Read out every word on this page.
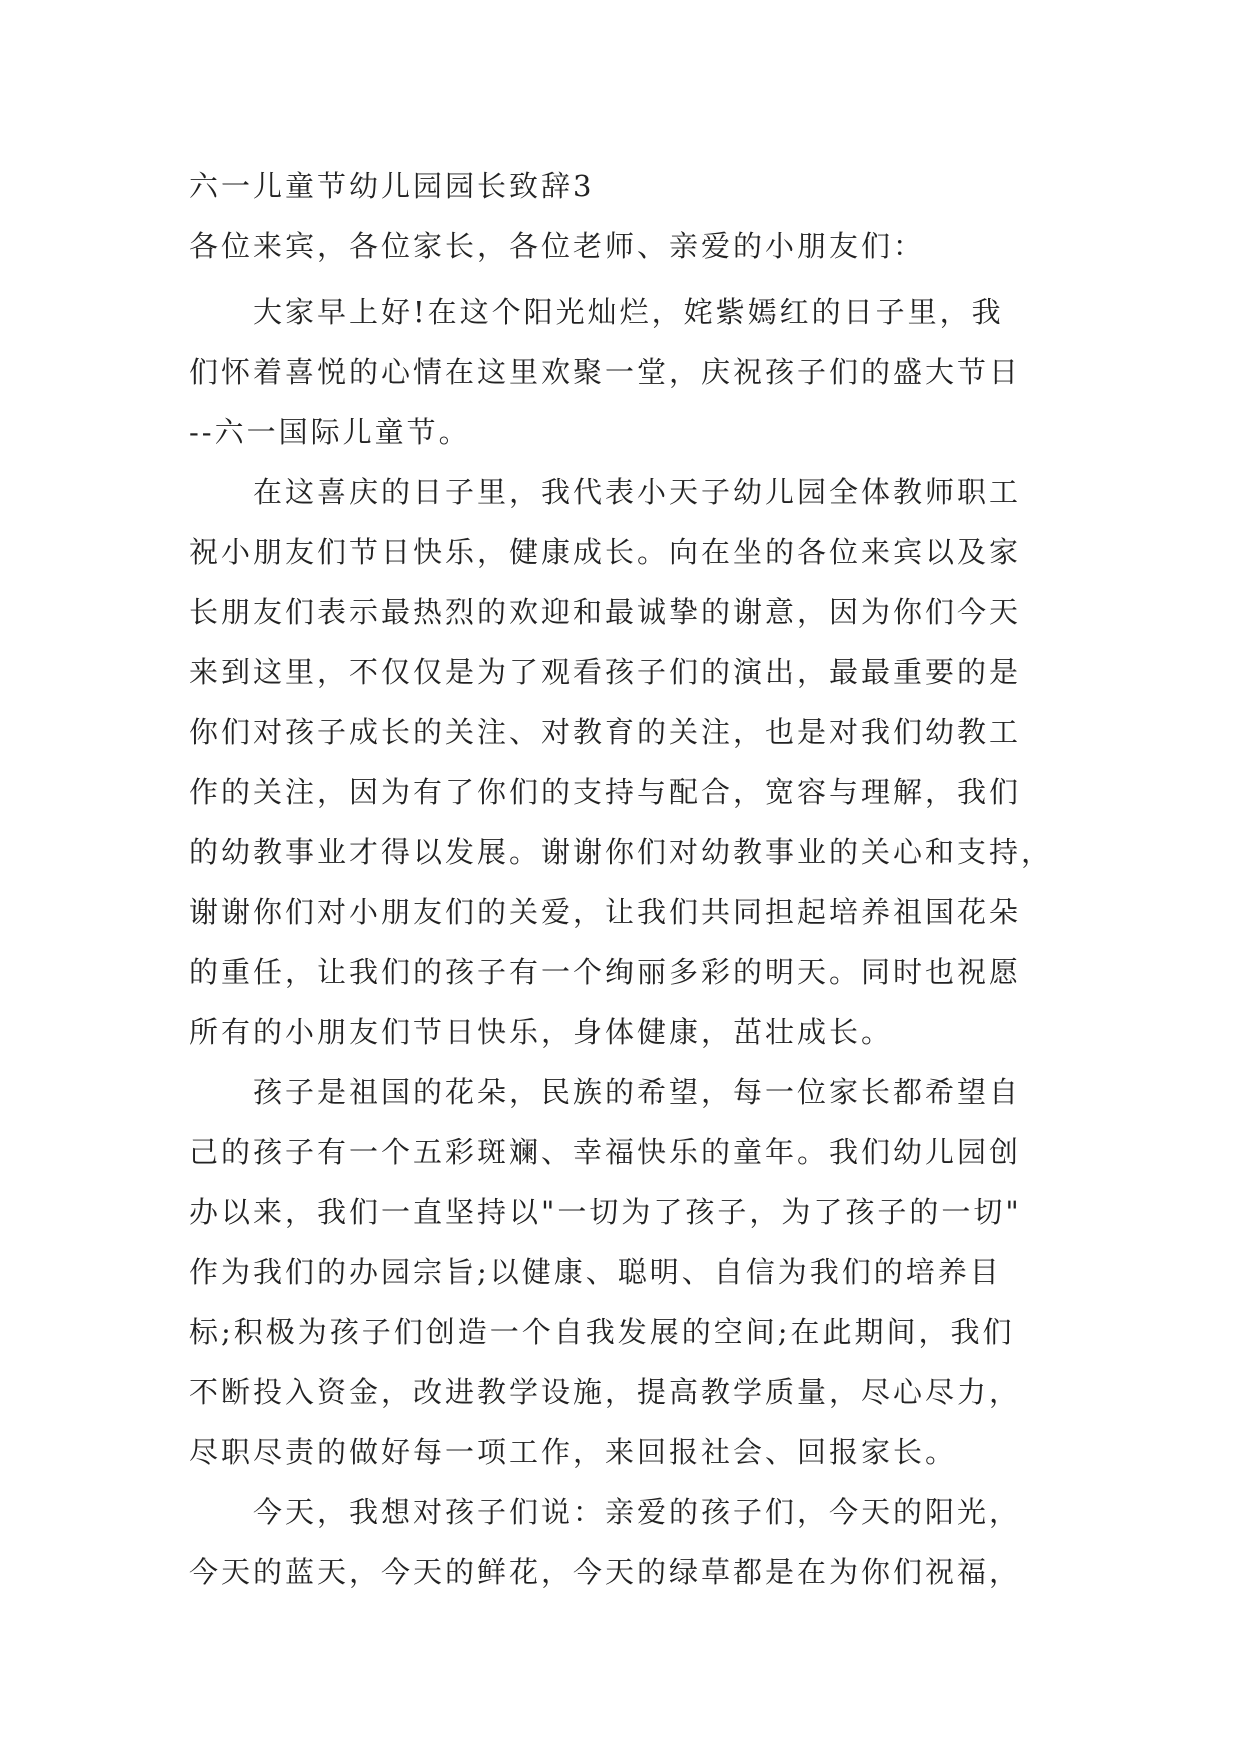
六一儿童节幼儿园园长致辞3
各位来宾，各位家长，各位老师、亲爱的小朋友们：
大家早上好!在这个阳光灿烂，姹紫嫣红的日子里，我
们怀着喜悦的心情在这里欢聚一堂，庆祝孩子们的盛大节日
--六一国际儿童节。
在这喜庆的日子里，我代表小天子幼儿园全体教师职工
祝小朋友们节日快乐，健康成长。向在坐的各位来宾以及家
长朋友们表示最热烈的欢迎和最诚挚的谢意，因为你们今天
来到这里，不仅仅是为了观看孩子们的演出，最最重要的是
你们对孩子成长的关注、对教育的关注，也是对我们幼教工
作的关注，因为有了你们的支持与配合，宽容与理解，我们
的幼教事业才得以发展。谢谢你们对幼教事业的关心和支持，
谢谢你们对小朋友们的关爱，让我们共同担起培养祖国花朵
的重任，让我们的孩子有一个绚丽多彩的明天。同时也祝愿
所有的小朋友们节日快乐，身体健康，茁壮成长。
孩子是祖国的花朵，民族的希望，每一位家长都希望自
己的孩子有一个五彩斑斓、幸福快乐的童年。我们幼儿园创
办以来，我们一直坚持以"一切为了孩子，为了孩子的一切"
作为我们的办园宗旨;以健康、聪明、自信为我们的培养目
标;积极为孩子们创造一个自我发展的空间;在此期间，我们
不断投入资金，改进教学设施，提高教学质量，尽心尽力，
尽职尽责的做好每一项工作，来回报社会、回报家长。
今天，我想对孩子们说：亲爱的孩子们，今天的阳光，
今天的蓝天，今天的鲜花，今天的绿草都是在为你们祝福，
